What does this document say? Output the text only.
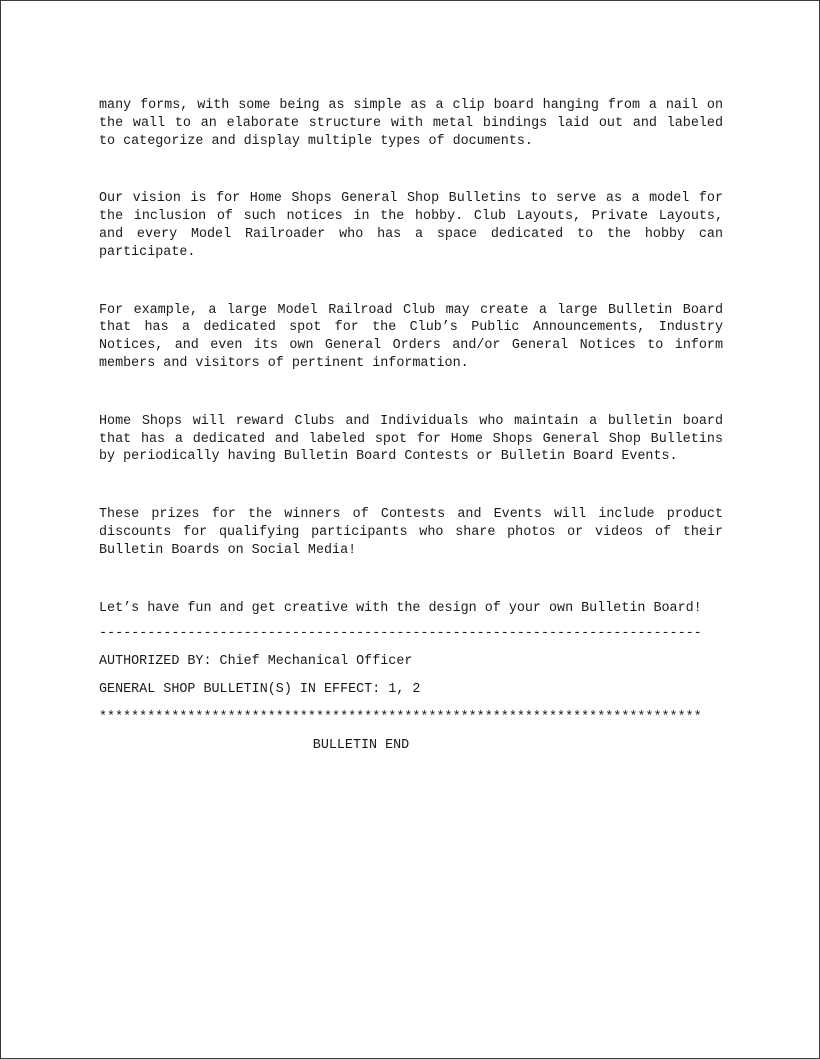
many forms, with some being as simple as a clip board hanging from a nail on the wall to an elaborate structure with metal bindings laid out and labeled to categorize and display multiple types of documents.

Our vision is for Home Shops General Shop Bulletins to serve as a model for the inclusion of such notices in the hobby. Club Layouts, Private Layouts, and every Model Railroader who has a space dedicated to the hobby can participate.

For example, a large Model Railroad Club may create a large Bulletin Board that has a dedicated spot for the Club’s Public Announcements, Industry Notices, and even its own General Orders and/or General Notices to inform members and visitors of pertinent information.

Home Shops will reward Clubs and Individuals who maintain a bulletin board that has a dedicated and labeled spot for Home Shops General Shop Bulletins by periodically having Bulletin Board Contests or Bulletin Board Events.

These prizes for the winners of Contests and Events will include product discounts for qualifying participants who share photos or videos of their Bulletin Boards on Social Media!

Let’s have fun and get creative with the design of your own Bulletin Board!

---------------------------------------------------------------------------

AUTHORIZED BY: Chief Mechanical Officer

GENERAL SHOP BULLETIN(S) IN EFFECT: 1, 2

***************************************************************************

BULLETIN END
